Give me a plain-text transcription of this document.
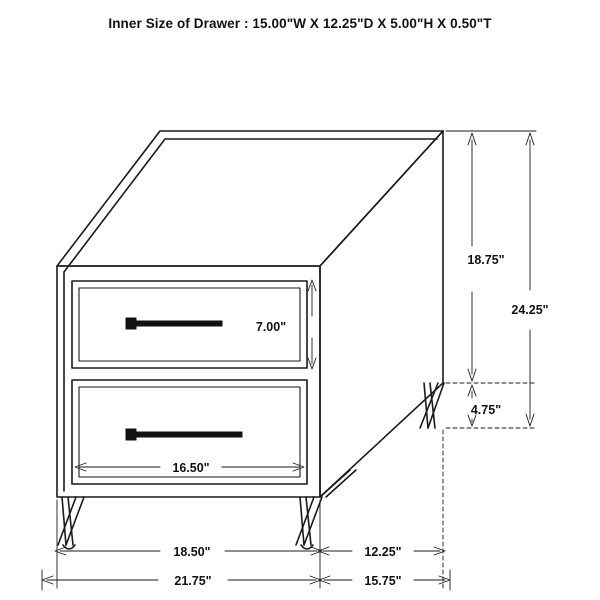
Inner Size of Drawer : 15.00"W X 12.25"D X 5.00"H X 0.50"T
7.00"
16.50"
18.75"
24.25"
4.75"
18.50"	12.25"
21.75"	15.75"
